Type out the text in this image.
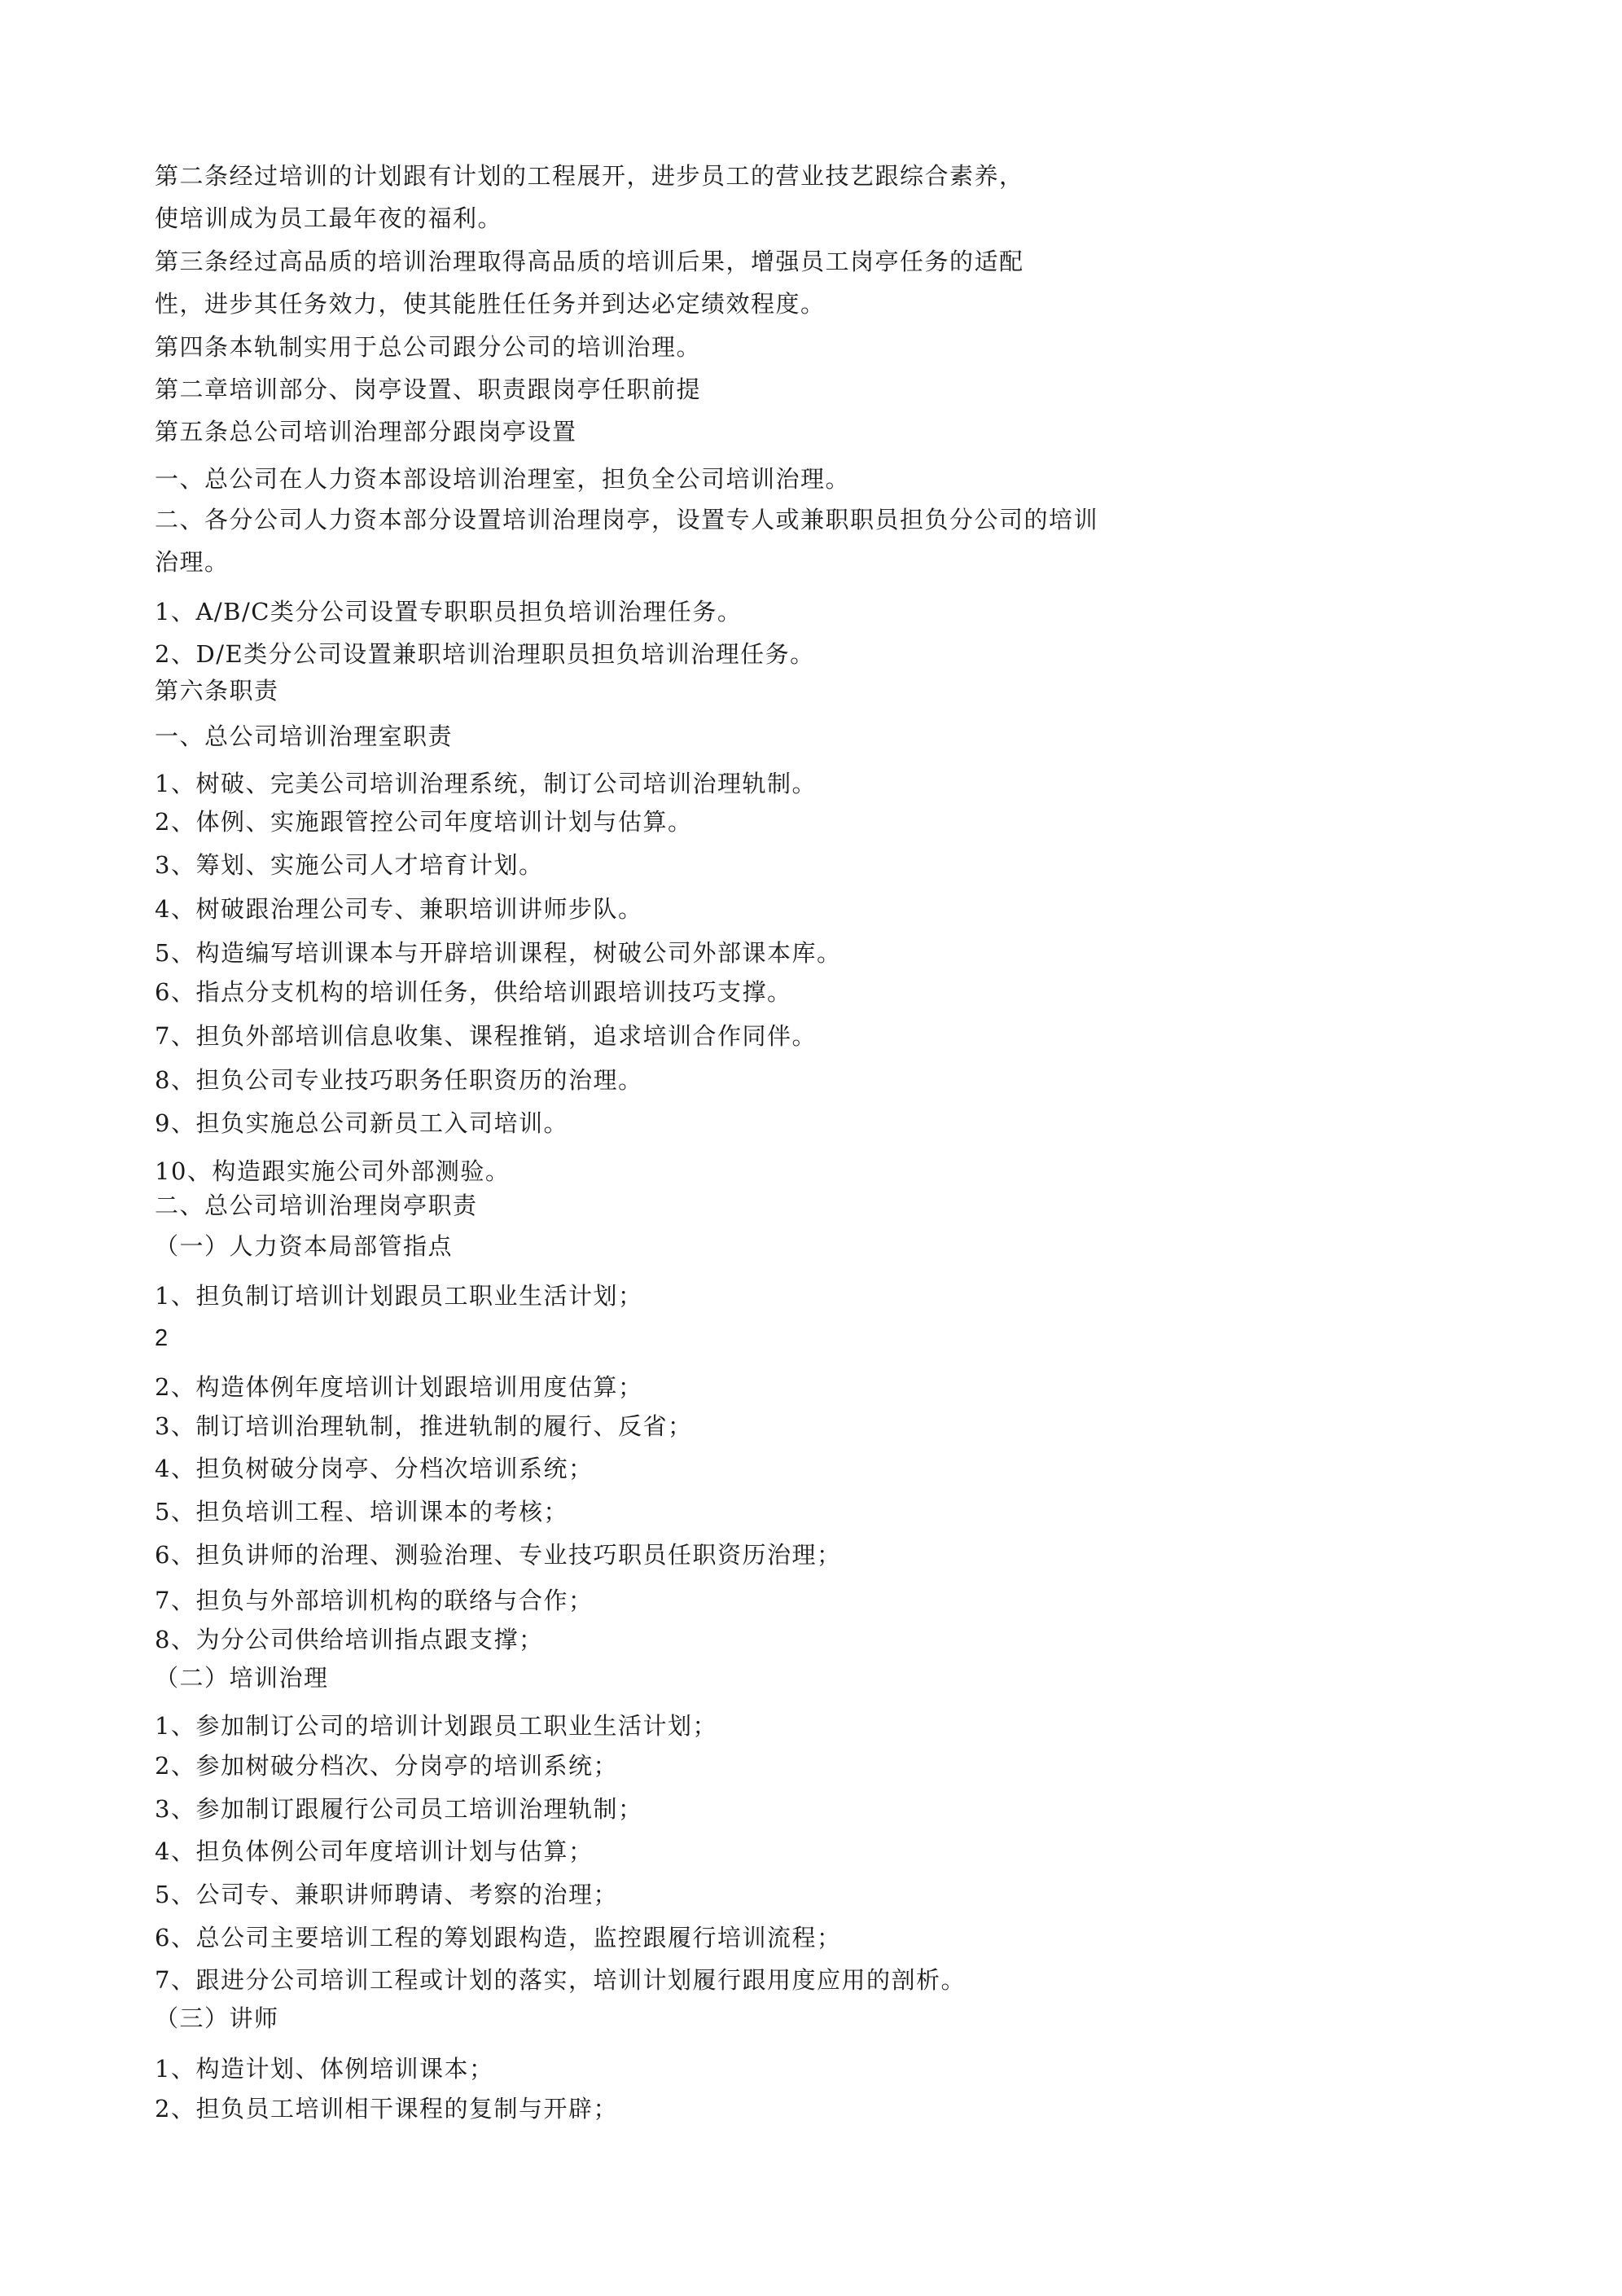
第二条经过培训的计划跟有计划的工程展开，进步员工的营业技艺跟综合素养，
使培训成为员工最年夜的福利。
第三条经过高品质的培训治理取得高品质的培训后果，增强员工岗亭任务的适配
性，进步其任务效力，使其能胜任任务并到达必定绩效程度。
第四条本轨制实用于总公司跟分公司的培训治理。
第二章培训部分、岗亭设置、职责跟岗亭任职前提
第五条总公司培训治理部分跟岗亭设置
一、总公司在人力资本部设培训治理室，担负全公司培训治理。
二、各分公司人力资本部分设置培训治理岗亭，设置专人或兼职职员担负分公司的培训
治理。
1、A/B/C类分公司设置专职职员担负培训治理任务。
2、D/E类分公司设置兼职培训治理职员担负培训治理任务。
第六条职责
一、总公司培训治理室职责
1、树破、完美公司培训治理系统，制订公司培训治理轨制。
2、体例、实施跟管控公司年度培训计划与估算。
3、筹划、实施公司人才培育计划。
4、树破跟治理公司专、兼职培训讲师步队。
5、构造编写培训课本与开辟培训课程，树破公司外部课本库。
6、指点分支机构的培训任务，供给培训跟培训技巧支撑。
7、担负外部培训信息收集、课程推销，追求培训合作同伴。
8、担负公司专业技巧职务任职资历的治理。
9、担负实施总公司新员工入司培训。
10、构造跟实施公司外部测验。
二、总公司培训治理岗亭职责
（一）人力资本局部管指点
1、担负制订培训计划跟员工职业生活计划；
2
2、构造体例年度培训计划跟培训用度估算；
3、制订培训治理轨制，推进轨制的履行、反省；
4、担负树破分岗亭、分档次培训系统；
5、担负培训工程、培训课本的考核；
6、担负讲师的治理、测验治理、专业技巧职员任职资历治理；
7、担负与外部培训机构的联络与合作；
8、为分公司供给培训指点跟支撑；
（二）培训治理
1、参加制订公司的培训计划跟员工职业生活计划；
2、参加树破分档次、分岗亭的培训系统；
3、参加制订跟履行公司员工培训治理轨制；
4、担负体例公司年度培训计划与估算；
5、公司专、兼职讲师聘请、考察的治理；
6、总公司主要培训工程的筹划跟构造，监控跟履行培训流程；
7、跟进分公司培训工程或计划的落实，培训计划履行跟用度应用的剖析。
（三）讲师
1、构造计划、体例培训课本；
2、担负员工培训相干课程的复制与开辟；
